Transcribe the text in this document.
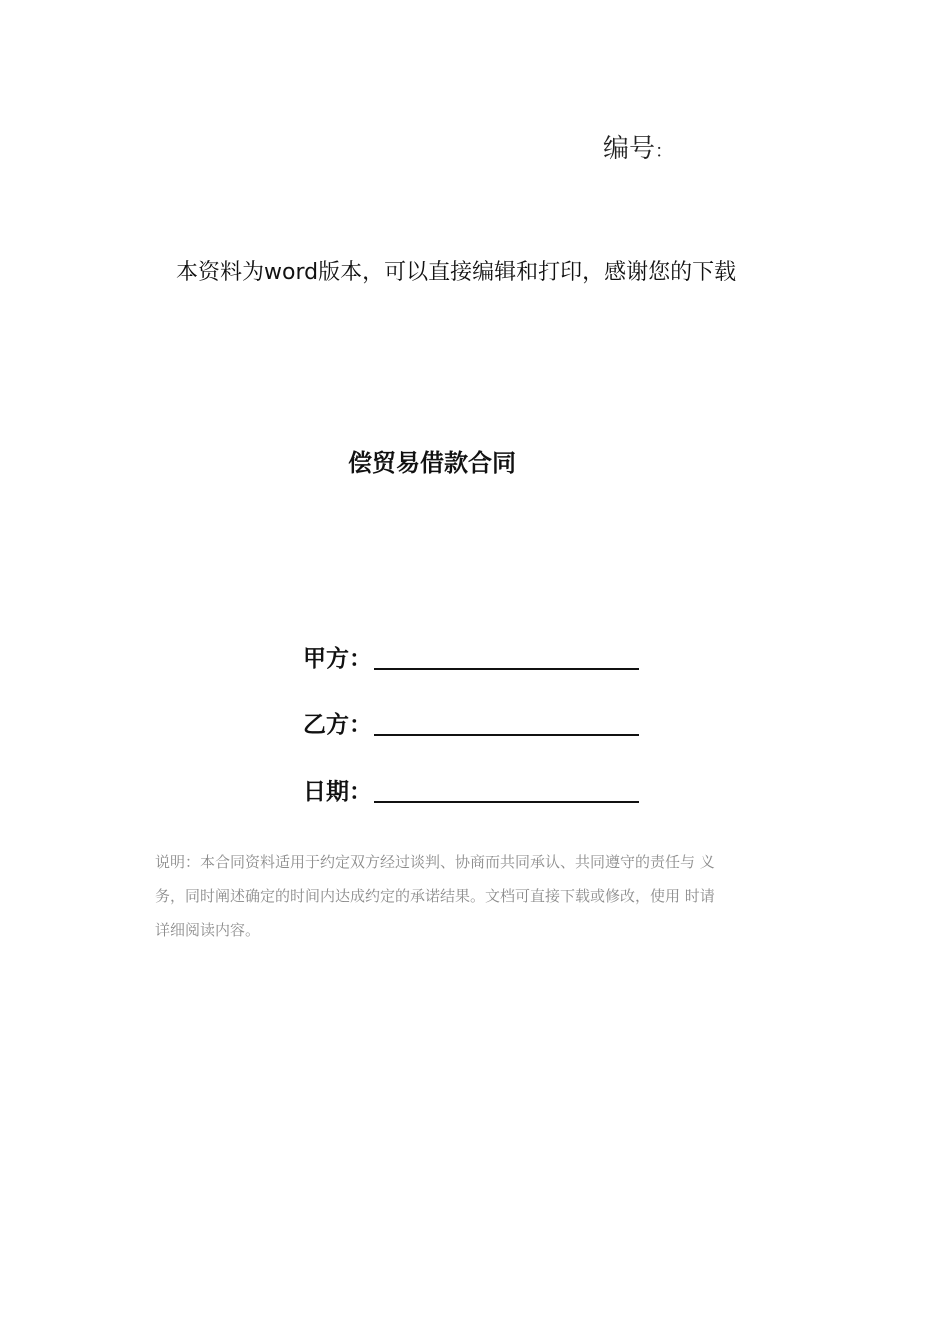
编号：
本资料为word版本，可以直接编辑和打印，感谢您的下载
偿贸易借款合同
甲方：
乙方：
日期：
说明：本合同资料适用于约定双方经过谈判、协商而共同承认、共同遵守的责任与 义
务，同时阐述确定的时间内达成约定的承诺结果。文档可直接下载或修改，使用 时请
详细阅读内容。
